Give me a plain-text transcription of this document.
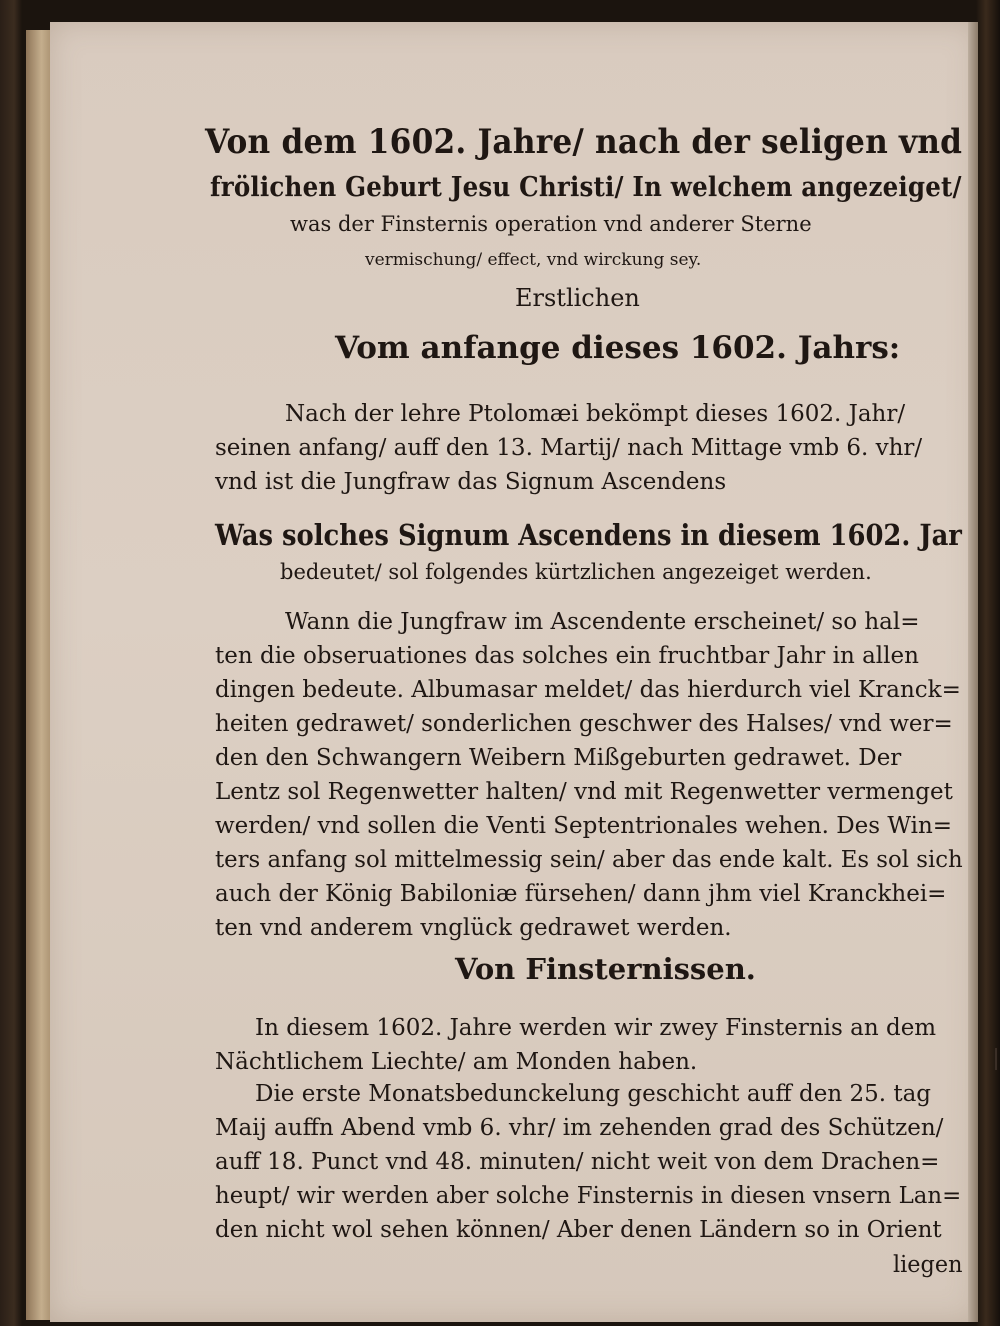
Von dem 1602. Jahre/ nach der seligen vnd

frölichen Geburt Jesu Christi/ In welchem angezeiget/

was der Finsternis operation vnd anderer Sterne

vermischung/ effect, vnd wirckung sey.

Erstlichen

Vom anfange dieses 1602. Jahrs:

Nach der lehre Ptolomæi bekömpt dieses 1602. Jahr/

seinen anfang/ auff den 13. Martij/ nach Mittage vmb 6. vhr/

vnd ist die Jungfraw das Signum Ascendens

Was solches Signum Ascendens in diesem 1602. Jar

bedeutet/ sol folgendes kürtzlichen angezeiget werden.

Wann die Jungfraw im Ascendente erscheinet/ so hal=

ten die obseruationes das solches ein fruchtbar Jahr in allen

dingen bedeute. Albumasar meldet/ das hierdurch viel Kranck=

heiten gedrawet/ sonderlichen geschwer des Halses/ vnd wer=

den den Schwangern Weibern Mißgeburten gedrawet. Der

Lentz sol Regenwetter halten/ vnd mit Regenwetter vermenget

werden/ vnd sollen die Venti Septentrionales wehen. Des Win=

ters anfang sol mittelmessig sein/ aber das ende kalt. Es sol sich

auch der König Babiloniæ fürsehen/ dann jhm viel Kranckhei=

ten vnd anderem vnglück gedrawet werden.

Von Finsternissen.

In diesem 1602. Jahre werden wir zwey Finsternis an dem

Nächtlichem Liechte/ am Monden haben.

Die erste Monatsbedunckelung geschicht auff den 25. tag

Maij auffn Abend vmb 6. vhr/ im zehenden grad des Schützen/

auff 18. Punct vnd 48. minuten/ nicht weit von dem Drachen=

heupt/ wir werden aber solche Finsternis in diesen vnsern Lan=

den nicht wol sehen können/ Aber denen Ländern so in Orient

liegen
